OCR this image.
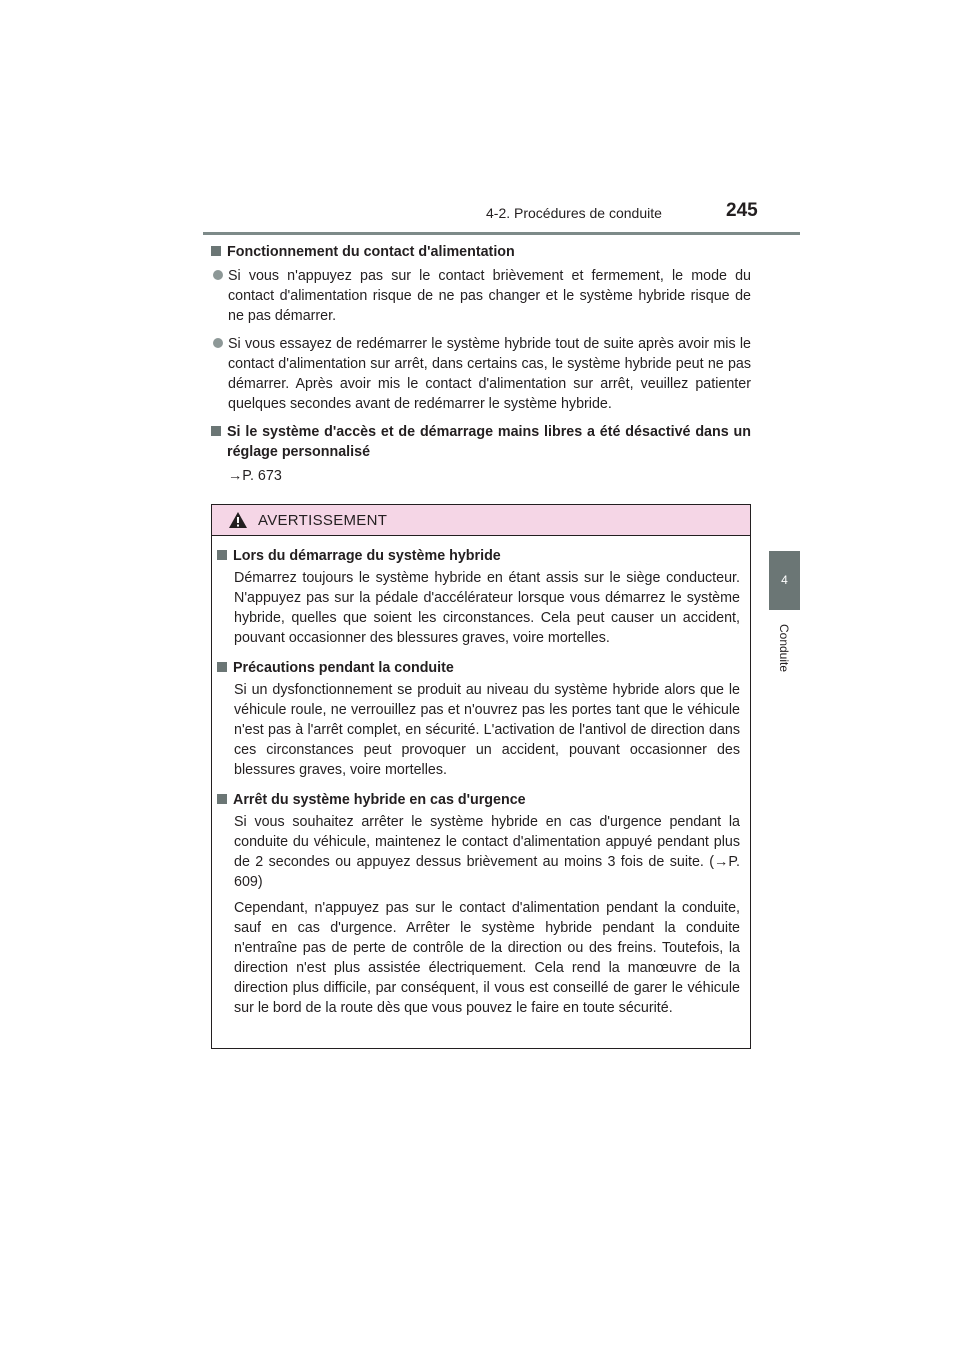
4-2. Procédures de conduite	245
4
Conduite
Fonctionnement du contact d'alimentation
Si vous n'appuyez pas sur le contact brièvement et fermement, le mode du contact d'alimentation risque de ne pas changer et le système hybride risque de ne pas démarrer.
Si vous essayez de redémarrer le système hybride tout de suite après avoir mis le contact d'alimentation sur arrêt, dans certains cas, le système hybride peut ne pas démarrer. Après avoir mis le contact d'alimentation sur arrêt, veuillez patienter quelques secondes avant de redémarrer le système hybride.
Si le système d'accès et de démarrage mains libres a été désactivé dans un réglage personnalisé
→P. 673
AVERTISSEMENT
Lors du démarrage du système hybride
Démarrez toujours le système hybride en étant assis sur le siège conducteur. N'appuyez pas sur la pédale d'accélérateur lorsque vous démarrez le système hybride, quelles que soient les circonstances. Cela peut causer un accident, pouvant occasionner des blessures graves, voire mortelles.
Précautions pendant la conduite
Si un dysfonctionnement se produit au niveau du système hybride alors que le véhicule roule, ne verrouillez pas et n'ouvrez pas les portes tant que le véhicule n'est pas à l'arrêt complet, en sécurité. L'activation de l'antivol de direction dans ces circonstances peut provoquer un accident, pouvant occasionner des blessures graves, voire mortelles.
Arrêt du système hybride en cas d'urgence
Si vous souhaitez arrêter le système hybride en cas d'urgence pendant la conduite du véhicule, maintenez le contact d'alimentation appuyé pendant plus de 2 secondes ou appuyez dessus brièvement au moins 3 fois de suite. (→P. 609)
Cependant, n'appuyez pas sur le contact d'alimentation pendant la conduite, sauf en cas d'urgence. Arrêter le système hybride pendant la conduite n'entraîne pas de perte de contrôle de la direction ou des freins. Toutefois, la direction n'est plus assistée électriquement. Cela rend la manœuvre de la direction plus difficile, par conséquent, il vous est conseillé de garer le véhicule sur le bord de la route dès que vous pouvez le faire en toute sécurité.
